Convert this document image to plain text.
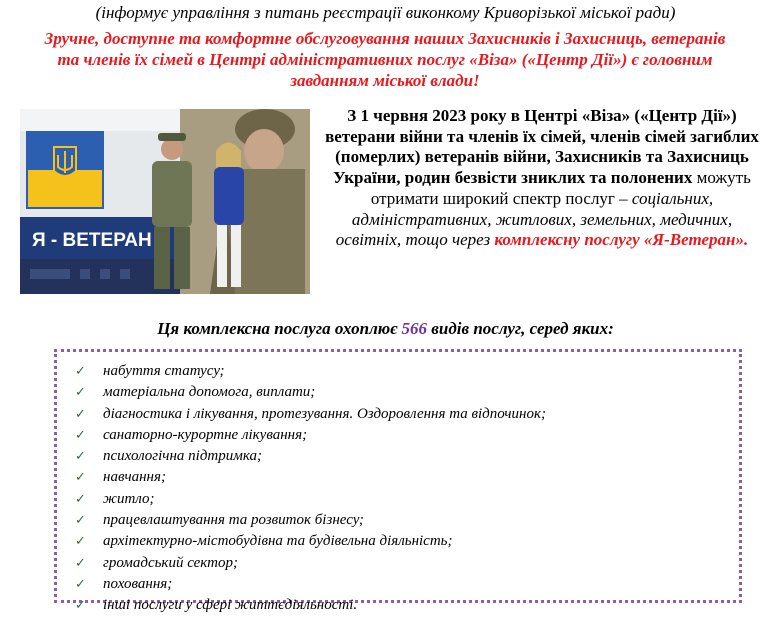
(інформує управління з питань реєстрації виконкому Криворізької міської ради)
Зручне, доступне та комфортне обслуговування наших Захисників і Захисниць, ветеранів та членів їх сімей в Центрі адміністративних послуг «Віза» («Центр Дії») є головним завданням міської влади!
Я - ВЕТЕРАН
З 1 червня 2023 року в Центрі «Віза» («Центр Дії») ветерани війни та членів їх сімей, членів сімей загиблих (померлих) ветеранів війни, Захисників та Захисниць України, родин безвісти зниклих та полонених можуть отримати широкий спектр послуг – соціальних, адміністративних, житлових, земельних, медичних, освітніх, тощо через комплексну послугу «Я-Ветеран».
Ця комплексна послуга охоплює 566 видів послуг, серед яких:
✓ набуття статусу;
✓ матеріальна допомога, виплати;
✓ діагностика і лікування, протезування. Оздоровлення та відпочинок;
✓ санаторно-курортне лікування;
✓ психологічна підтримка;
✓ навчання;
✓ житло;
✓ працевлаштування та розвиток бізнесу;
✓ архітектурно-містобудівна та будівельна діяльність;
✓ громадський сектор;
✓ поховання;
✓ інші послуги у сфері життєдіяльності.
